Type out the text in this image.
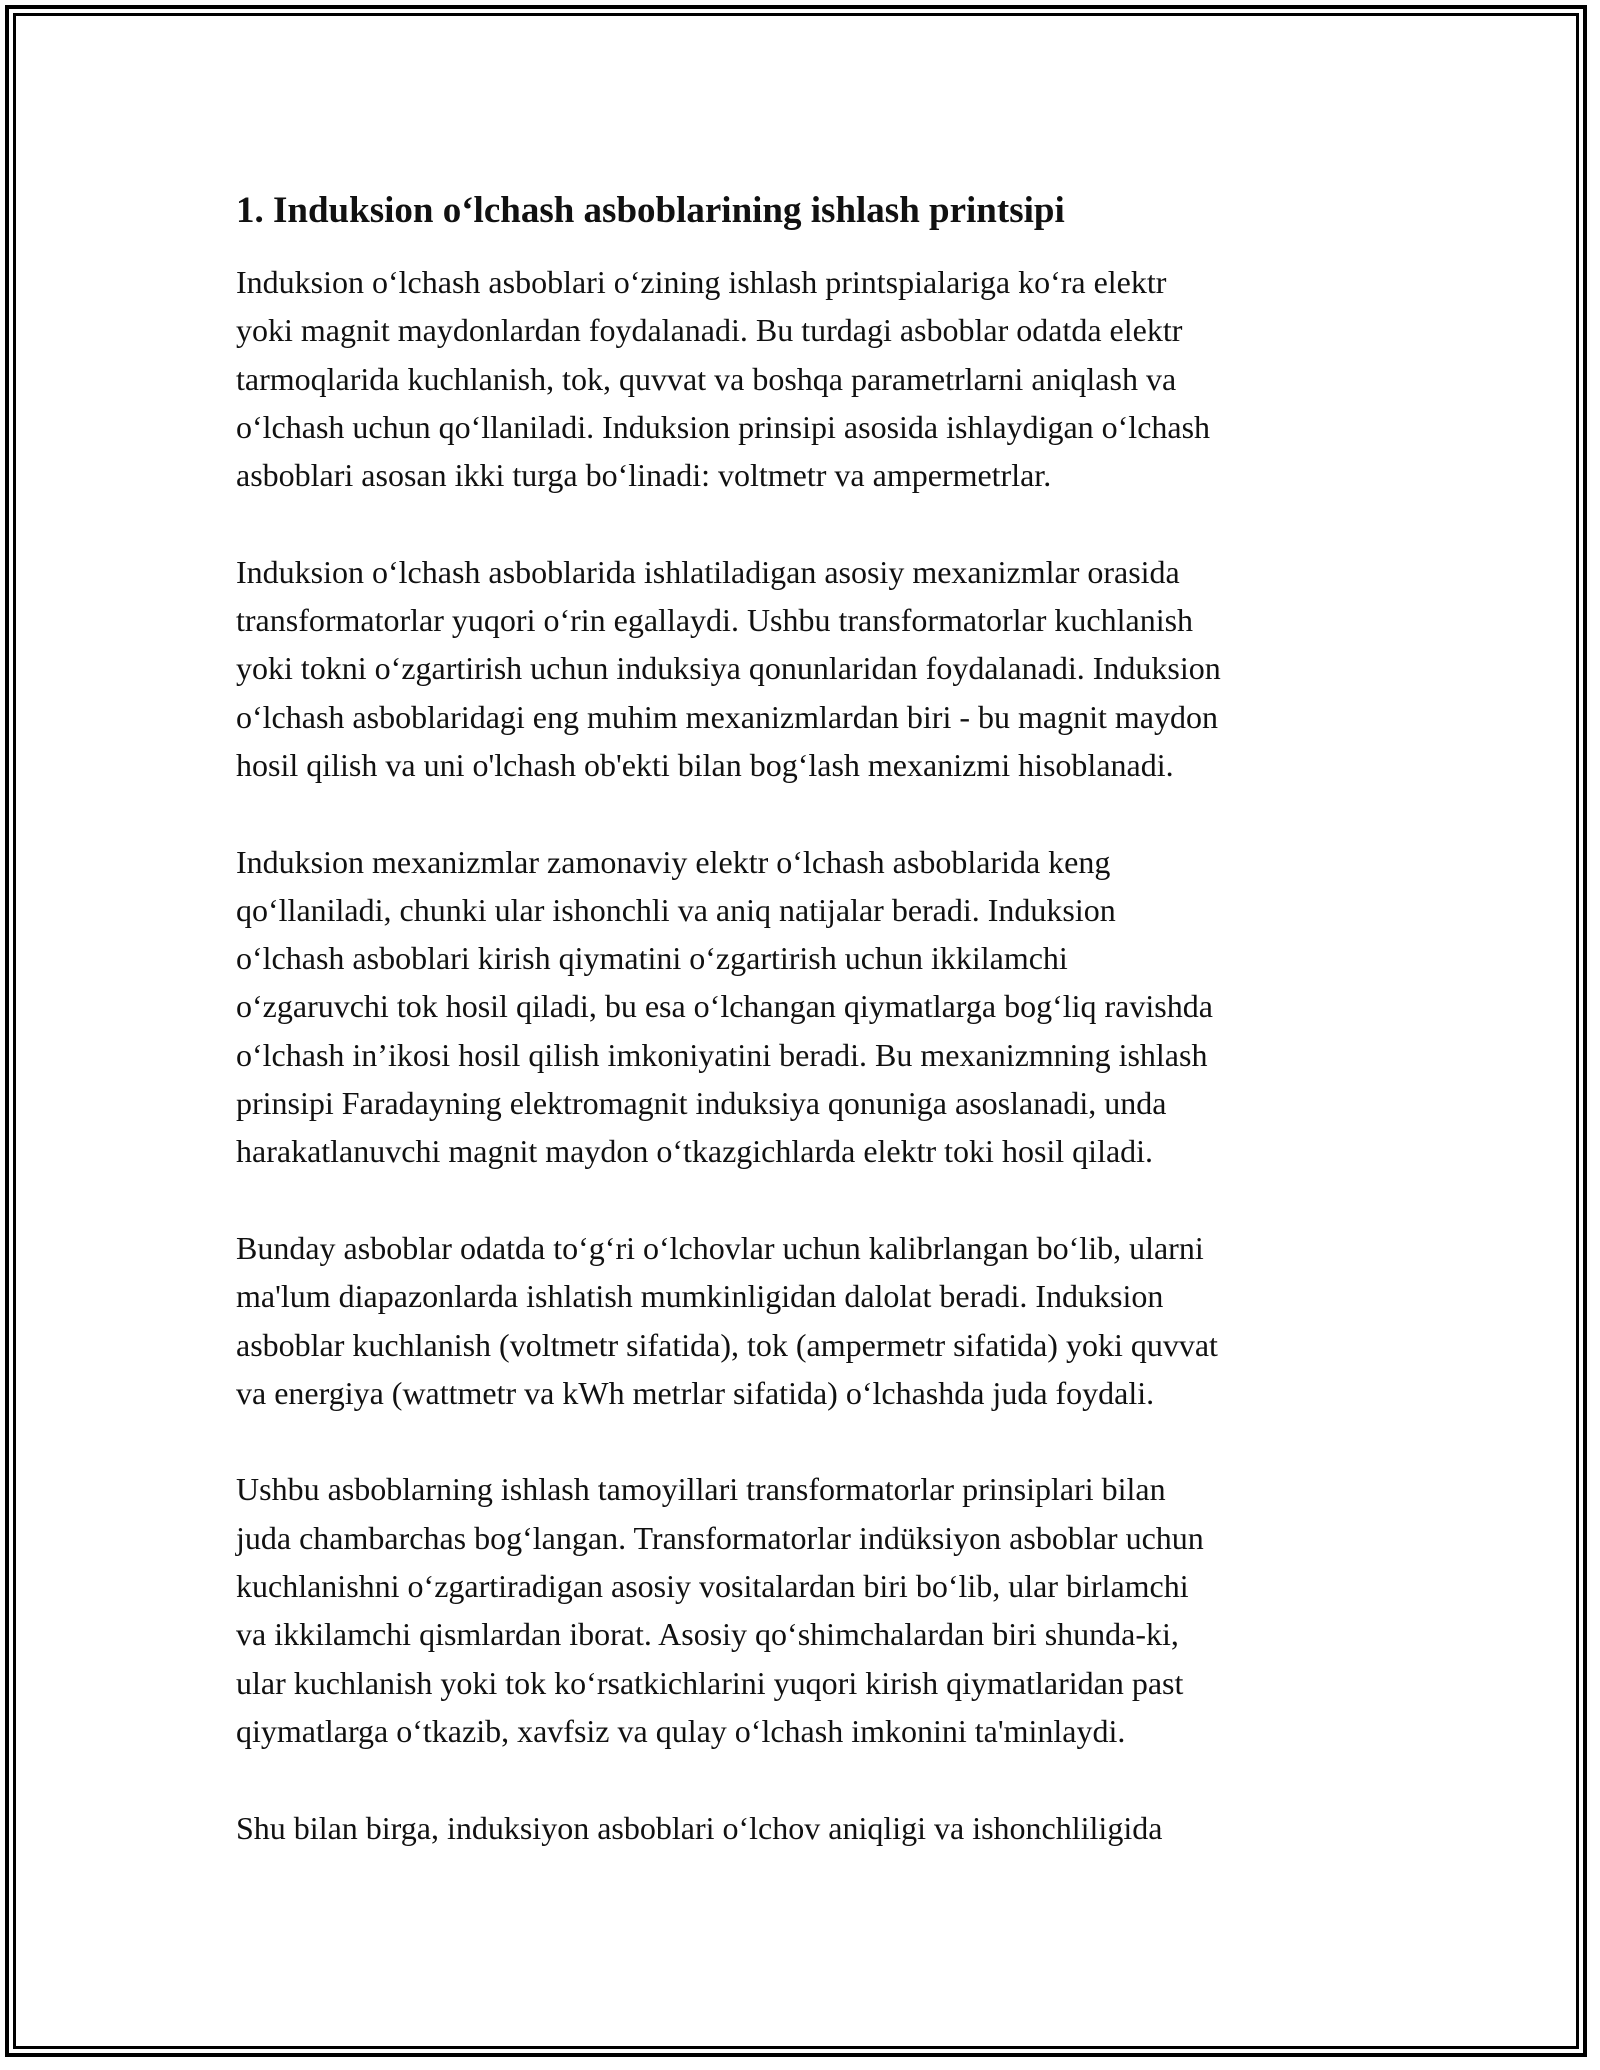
1. Induksion o‘lchash asboblarining ishlash printsipi

Induksion o‘lchash asboblari o‘zining ishlash printspialariga ko‘ra elektr
yoki magnit maydonlardan foydalanadi. Bu turdagi asboblar odatda elektr
tarmoqlarida kuchlanish, tok, quvvat va boshqa parametrlarni aniqlash va
o‘lchash uchun qo‘llaniladi. Induksion prinsipi asosida ishlaydigan o‘lchash
asboblari asosan ikki turga bo‘linadi: voltmetr va ampermetrlar.

Induksion o‘lchash asboblarida ishlatiladigan asosiy mexanizmlar orasida
transformatorlar yuqori o‘rin egallaydi. Ushbu transformatorlar kuchlanish
yoki tokni o‘zgartirish uchun induksiya qonunlaridan foydalanadi. Induksion
o‘lchash asboblaridagi eng muhim mexanizmlardan biri - bu magnit maydon
hosil qilish va uni o'lchash ob'ekti bilan bog‘lash mexanizmi hisoblanadi.

Induksion mexanizmlar zamonaviy elektr o‘lchash asboblarida keng
qo‘llaniladi, chunki ular ishonchli va aniq natijalar beradi. Induksion
o‘lchash asboblari kirish qiymatini o‘zgartirish uchun ikkilamchi
o‘zgaruvchi tok hosil qiladi, bu esa o‘lchangan qiymatlarga bog‘liq ravishda
o‘lchash in’ikosi hosil qilish imkoniyatini beradi. Bu mexanizmning ishlash
prinsipi Faradayning elektromagnit induksiya qonuniga asoslanadi, unda
harakatlanuvchi magnit maydon o‘tkazgichlarda elektr toki hosil qiladi.

Bunday asboblar odatda to‘g‘ri o‘lchovlar uchun kalibrlangan bo‘lib, ularni
ma'lum diapazonlarda ishlatish mumkinligidan dalolat beradi. Induksion
asboblar kuchlanish (voltmetr sifatida), tok (ampermetr sifatida) yoki quvvat
va energiya (wattmetr va kWh metrlar sifatida) o‘lchashda juda foydali.

Ushbu asboblarning ishlash tamoyillari transformatorlar prinsiplari bilan
juda chambarchas bog‘langan. Transformatorlar indüksiyon asboblar uchun
kuchlanishni o‘zgartiradigan asosiy vositalardan biri bo‘lib, ular birlamchi
va ikkilamchi qismlardan iborat. Asosiy qo‘shimchalardan biri shunda-ki,
ular kuchlanish yoki tok ko‘rsatkichlarini yuqori kirish qiymatlaridan past
qiymatlarga o‘tkazib, xavfsiz va qulay o‘lchash imkonini ta'minlaydi.

Shu bilan birga, induksiyon asboblari o‘lchov aniqligi va ishonchliligida
